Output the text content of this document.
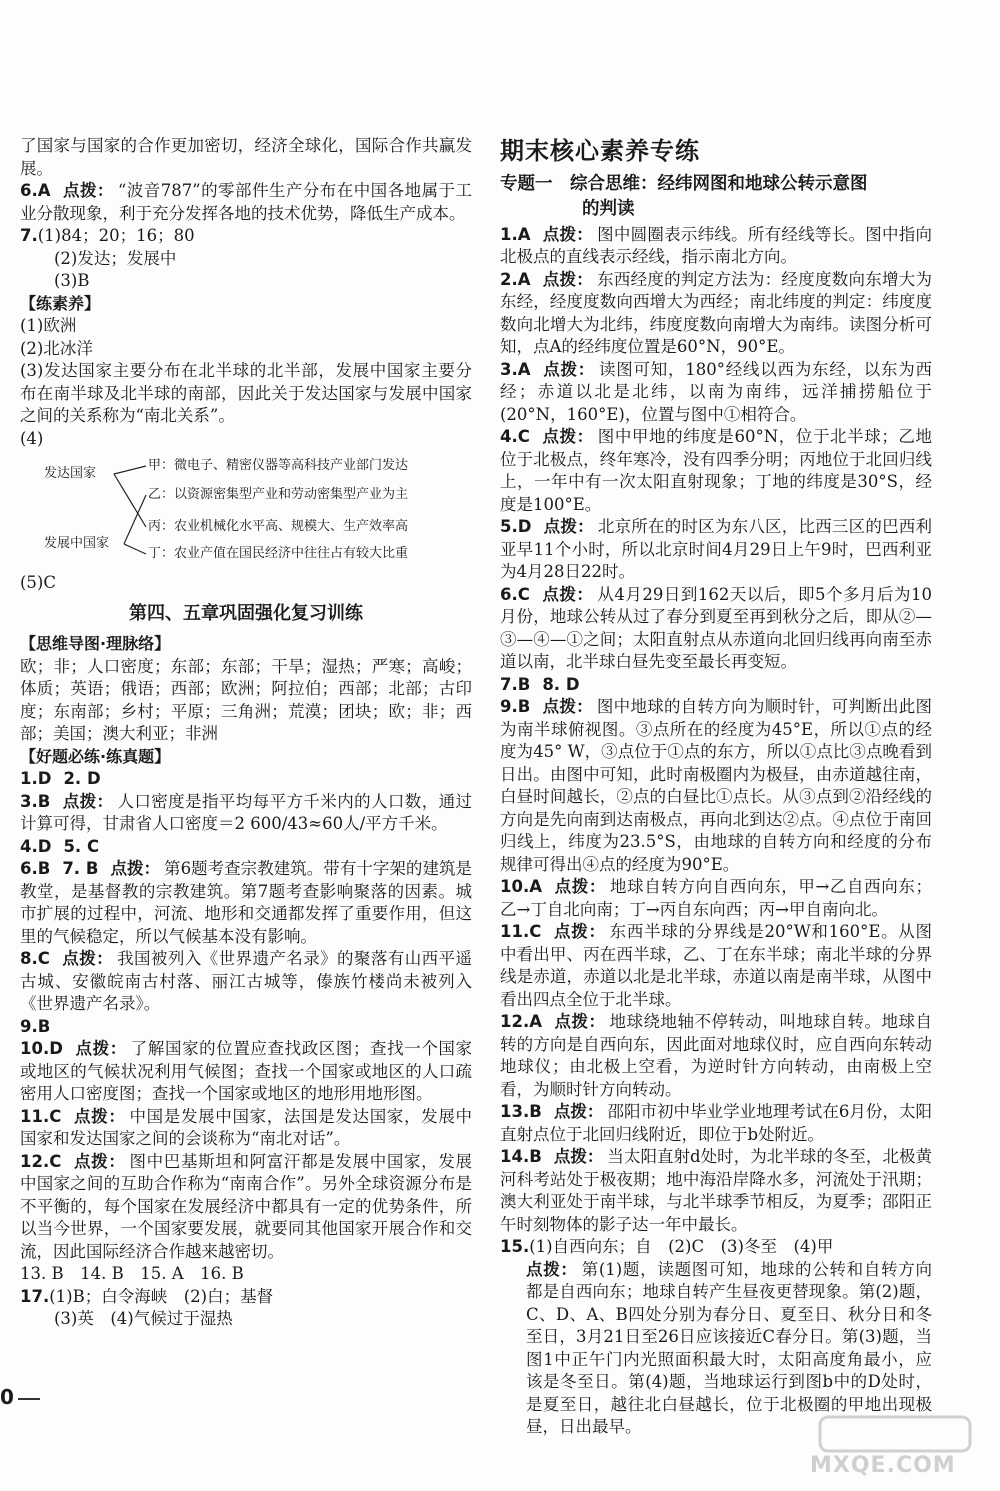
了国家与国家的合作更加密切，经济全球化，国际合作共赢发展。

6.A 点拨： “波音787”的零部件生产分布在中国各地属于工业分散现象，利于充分发挥各地的技术优势，降低生产成本。

7.(1)84；20；16；80

(2)发达；发展中

(3)B

【练素养】

(1)欧洲

(2)北冰洋

(3)发达国家主要分布在北半球的北半部，发展中国家主要分布在南半球及北半球的南部，因此关于发达国家与发展中国家之间的关系称为“南北关系”。

(4)

发达国家
发展中国家
甲：微电子、精密仪器等高科技产业部门发达
乙：以资源密集型产业和劳动密集型产业为主
丙：农业机械化水平高、规模大、生产效率高
丁：农业产值在国民经济中往往占有较大比重

(5)C

第四、五章巩固强化复习训练

【思维导图·理脉络】

欧；非；人口密度；东部；东部；干旱；湿热；严寒；高峻；体质；英语；俄语；西部；欧洲；阿拉伯；西部；北部；古印度；东南部；乡村；平原；三角洲；荒漠；团块；欧；非；西部；美国；澳大利亚；非洲

【好题必练·练真题】

1.D 2. D

3.B 点拨： 人口密度是指平均每平方千米内的人口数，通过计算可得，甘肃省人口密度＝2 600/43≈60人/平方千米。

4.D 5. C

6.B 7. B 点拨： 第6题考查宗教建筑。带有十字架的建筑是教堂，是基督教的宗教建筑。第7题考查影响聚落的因素。城市扩展的过程中，河流、地形和交通都发挥了重要作用，但这里的气候稳定，所以气候基本没有影响。

8.C 点拨： 我国被列入《世界遗产名录》的聚落有山西平遥古城、安徽皖南古村落、丽江古城等，傣族竹楼尚未被列入《世界遗产名录》。

9.B

10.D 点拨： 了解国家的位置应查找政区图；查找一个国家或地区的气候状况利用气候图；查找一个国家或地区的人口疏密用人口密度图；查找一个国家或地区的地形用地形图。

11.C 点拨： 中国是发展中国家，法国是发达国家，发展中国家和发达国家之间的会谈称为“南北对话”。

12.C 点拨： 图中巴基斯坦和阿富汗都是发展中国家，发展中国家之间的互助合作称为“南南合作”。另外全球资源分布是不平衡的，每个国家在发展经济中都具有一定的优势条件，所以当今世界，一个国家要发展，就要同其他国家开展合作和交流，因此国际经济合作越来越密切。

13. B　14. B　15. A　16. B

17.(1)B；白令海峡　(2)白；基督

(3)英　(4)气候过于湿热

期末核心素养专练

专题一　 综合思维：经纬网图和地球公转示意图

的判读

1.A 点拨： 图中圆圈表示纬线。所有经线等长。图中指向北极点的直线表示经线，指示南北方向。

2.A 点拨： 东西经度的判定方法为：经度度数向东增大为东经，经度度数向西增大为西经；南北纬度的判定：纬度度数向北增大为北纬，纬度度数向南增大为南纬。读图分析可知，点A的经纬度位置是60°N，90°E。

3.A 点拨： 读图可知，180°经线以西为东经，以东为西经；赤道以北是北纬，以南为南纬，远洋捕捞船位于(20°N，160°E)，位置与图中①相符合。

4.C 点拨： 图中甲地的纬度是60°N，位于北半球；乙地位于北极点，终年寒冷，没有四季分明；丙地位于北回归线上，一年中有一次太阳直射现象；丁地的纬度是30°S，经度是100°E。

5.D 点拨： 北京所在的时区为东八区，比西三区的巴西利亚早11个小时，所以北京时间4月29日上午9时，巴西利亚为4月28日22时。

6.C 点拨： 从4月29日到162天以后，即5个多月后为10月份，地球公转从过了春分到夏至再到秋分之后，即从②—③—④—①之间；太阳直射点从赤道向北回归线再向南至赤道以南，北半球白昼先变至最长再变短。

7.B 8. D

9.B 点拨： 图中地球的自转方向为顺时针，可判断出此图为南半球俯视图。③点所在的经度为45°E，所以①点的经度为45° W，③点位于①点的东方，所以①点比③点晚看到日出。由图中可知，此时南极圈内为极昼，由赤道越往南，白昼时间越长，②点的白昼比①点长。从③点到②沿经线的方向是先向南到达南极点，再向北到达②点。④点位于南回归线上，纬度为23.5°S，由地球的自转方向和经度的分布规律可得出④点的经度为90°E。

10.A 点拨： 地球自转方向自西向东，甲→乙自西向东；乙→丁自北向南；丁→丙自东向西；丙→甲自南向北。

11.C 点拨： 东西半球的分界线是20°W和160°E。从图中看出甲、丙在西半球，乙、丁在东半球；南北半球的分界线是赤道，赤道以北是北半球，赤道以南是南半球，从图中看出四点全位于北半球。

12.A 点拨： 地球绕地轴不停转动，叫地球自转。地球自转的方向是自西向东，因此面对地球仪时，应自西向东转动地球仪；由北极上空看，为逆时针方向转动，由南极上空看，为顺时针方向转动。

13.B 点拨： 邵阳市初中毕业学业地理考试在6月份，太阳直射点位于北回归线附近，即位于b处附近。

14.B 点拨： 当太阳直射d处时，为北半球的冬至，北极黄河科考站处于极夜期；地中海沿岸降水多，河流处于汛期；澳大利亚处于南半球，与北半球季节相反，为夏季；邵阳正午时刻物体的影子达一年中最长。

15.(1)自西向东；自　(2)C　(3)冬至　(4)甲

点拨： 第(1)题，读题图可知，地球的公转和自转方向都是自西向东；地球自转产生昼夜更替现象。第(2)题，C、D、A、B四处分别为春分日、夏至日、秋分日和冬至日，3月21日至26日应该接近C春分日。第(3)题，当图1中正午门内光照面积最大时，太阳高度角最小，应该是冬至日。第(4)题，当地球运行到图b中的D处时，是夏至日，越往北白昼越长，位于北极圈的甲地出现极昼，日出最早。

0
MXQE.COM
